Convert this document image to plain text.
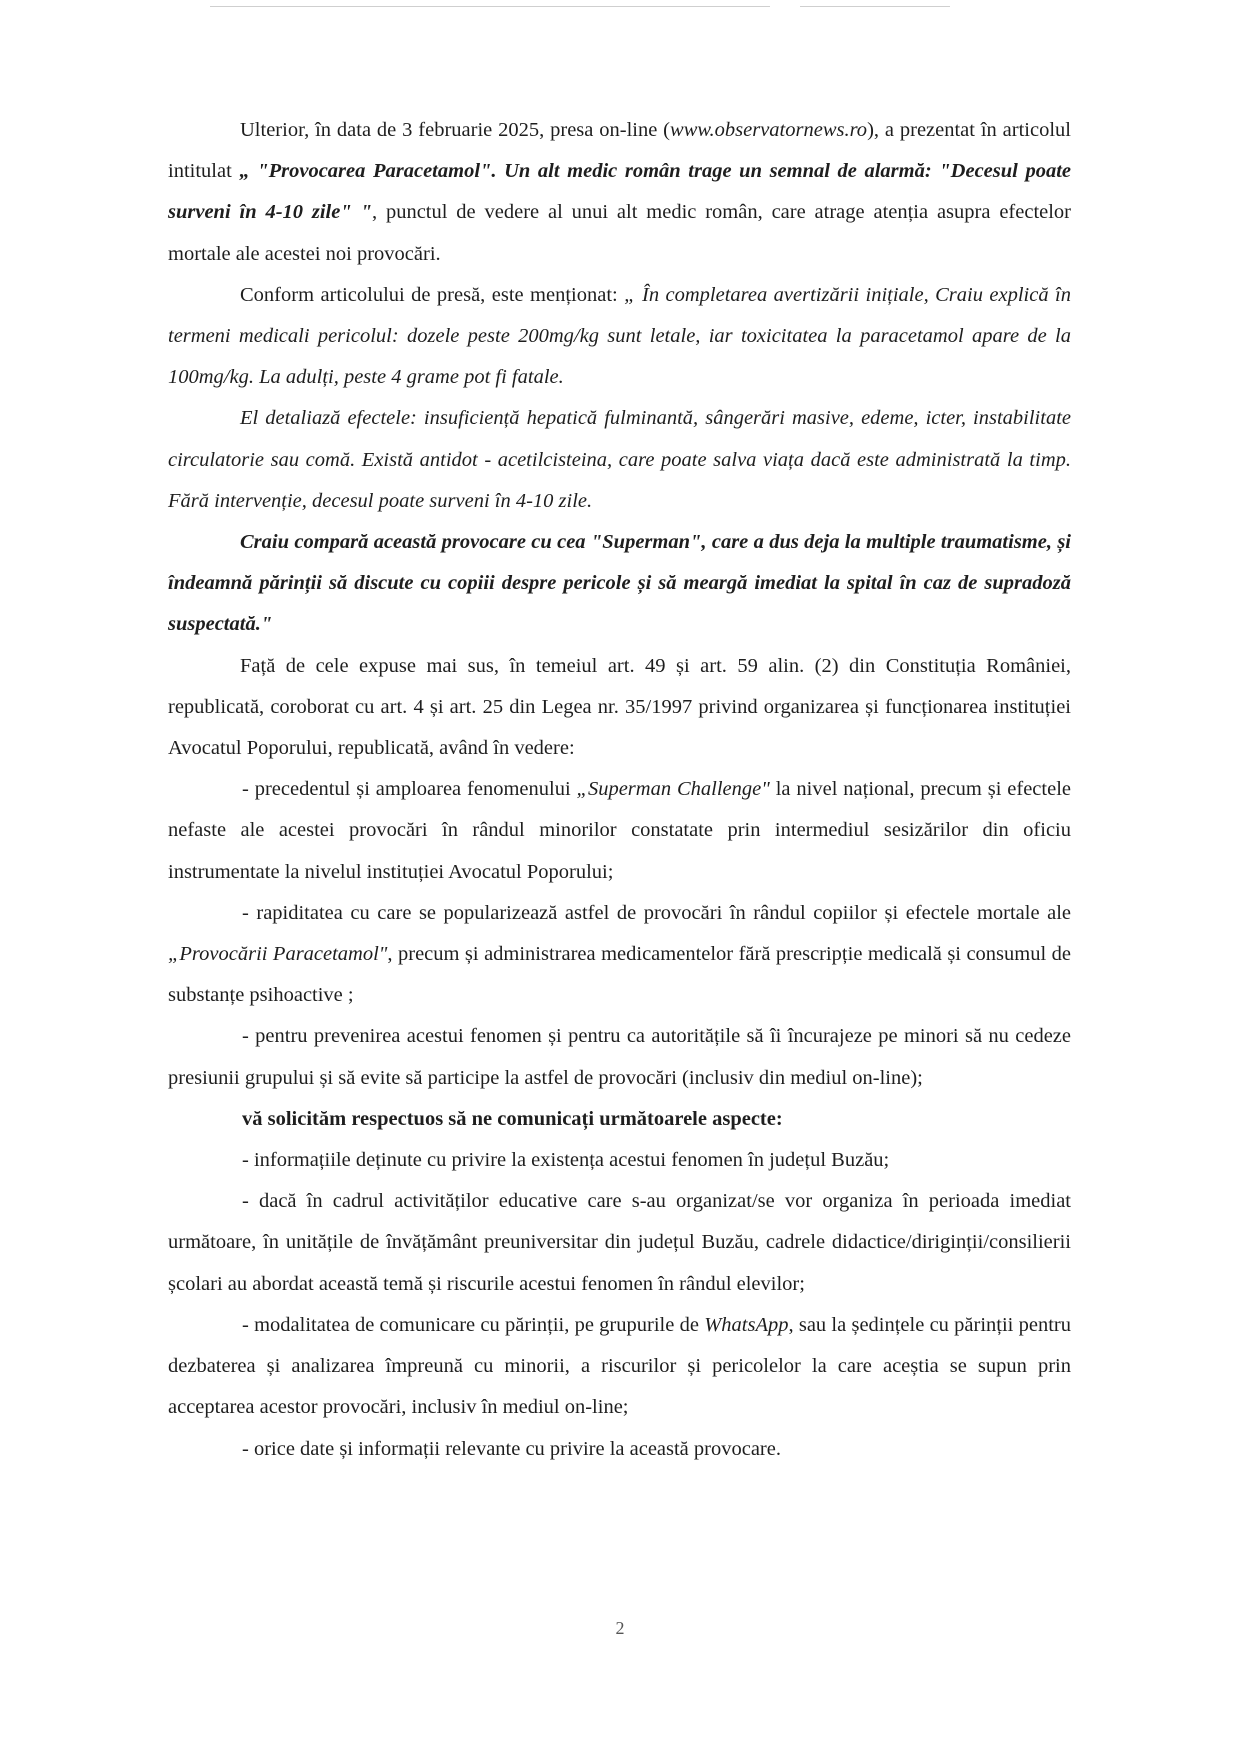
Ulterior, în data de 3 februarie 2025, presa on-line (www.observatornews.ro), a prezentat în articolul intitulat „ "Provocarea Paracetamol". Un alt medic român trage un semnal de alarmă: "Decesul poate surveni în 4-10 zile" ", punctul de vedere al unui alt medic român, care atrage atenția asupra efectelor mortale ale acestei noi provocări.

Conform articolului de presă, este menționat: „ În completarea avertizării inițiale, Craiu explică în termeni medicali pericolul: dozele peste 200mg/kg sunt letale, iar toxicitatea la paracetamol apare de la 100mg/kg. La adulți, peste 4 grame pot fi fatale.

El detaliază efectele: insuficiență hepatică fulminantă, sângerări masive, edeme, icter, instabilitate circulatorie sau comă. Există antidot - acetilcisteina, care poate salva viața dacă este administrată la timp. Fără intervenție, decesul poate surveni în 4-10 zile.

Craiu compară această provocare cu cea "Superman", care a dus deja la multiple traumatisme, și îndeamnă părinții să discute cu copiii despre pericole și să meargă imediat la spital în caz de supradoză suspectată."

Față de cele expuse mai sus, în temeiul art. 49 și art. 59 alin. (2) din Constituția României, republicată, coroborat cu art. 4 și art. 25 din Legea nr. 35/1997 privind organizarea și funcționarea instituției Avocatul Poporului, republicată, având în vedere:

- precedentul și amploarea fenomenului „Superman Challenge" la nivel național, precum și efectele nefaste ale acestei provocări în rândul minorilor constatate prin intermediul sesizărilor din oficiu instrumentate la nivelul instituției Avocatul Poporului;

- rapiditatea cu care se popularizează astfel de provocări în rândul copiilor și efectele mortale ale „Provocării Paracetamol", precum și administrarea medicamentelor fără prescripție medicală și consumul de substanțe psihoactive ;

- pentru prevenirea acestui fenomen și pentru ca autoritățile să îi încurajeze pe minori să nu cedeze presiunii grupului și să evite să participe la astfel de provocări (inclusiv din mediul on-line);

vă solicităm respectuos să ne comunicați următoarele aspecte:

- informațiile deținute cu privire la existența acestui fenomen în județul Buzău;

- dacă în cadrul activităților educative care s-au organizat/se vor organiza în perioada imediat următoare, în unitățile de învățământ preuniversitar din județul Buzău, cadrele didactice/diriginții/consilierii școlari au abordat această temă și riscurile acestui fenomen în rândul elevilor;

- modalitatea de comunicare cu părinții, pe grupurile de WhatsApp, sau la ședințele cu părinții pentru dezbaterea și analizarea împreună cu minorii, a riscurilor și pericolelor la care aceștia se supun prin acceptarea acestor provocări, inclusiv în mediul on-line;

- orice date și informații relevante cu privire la această provocare.

2
